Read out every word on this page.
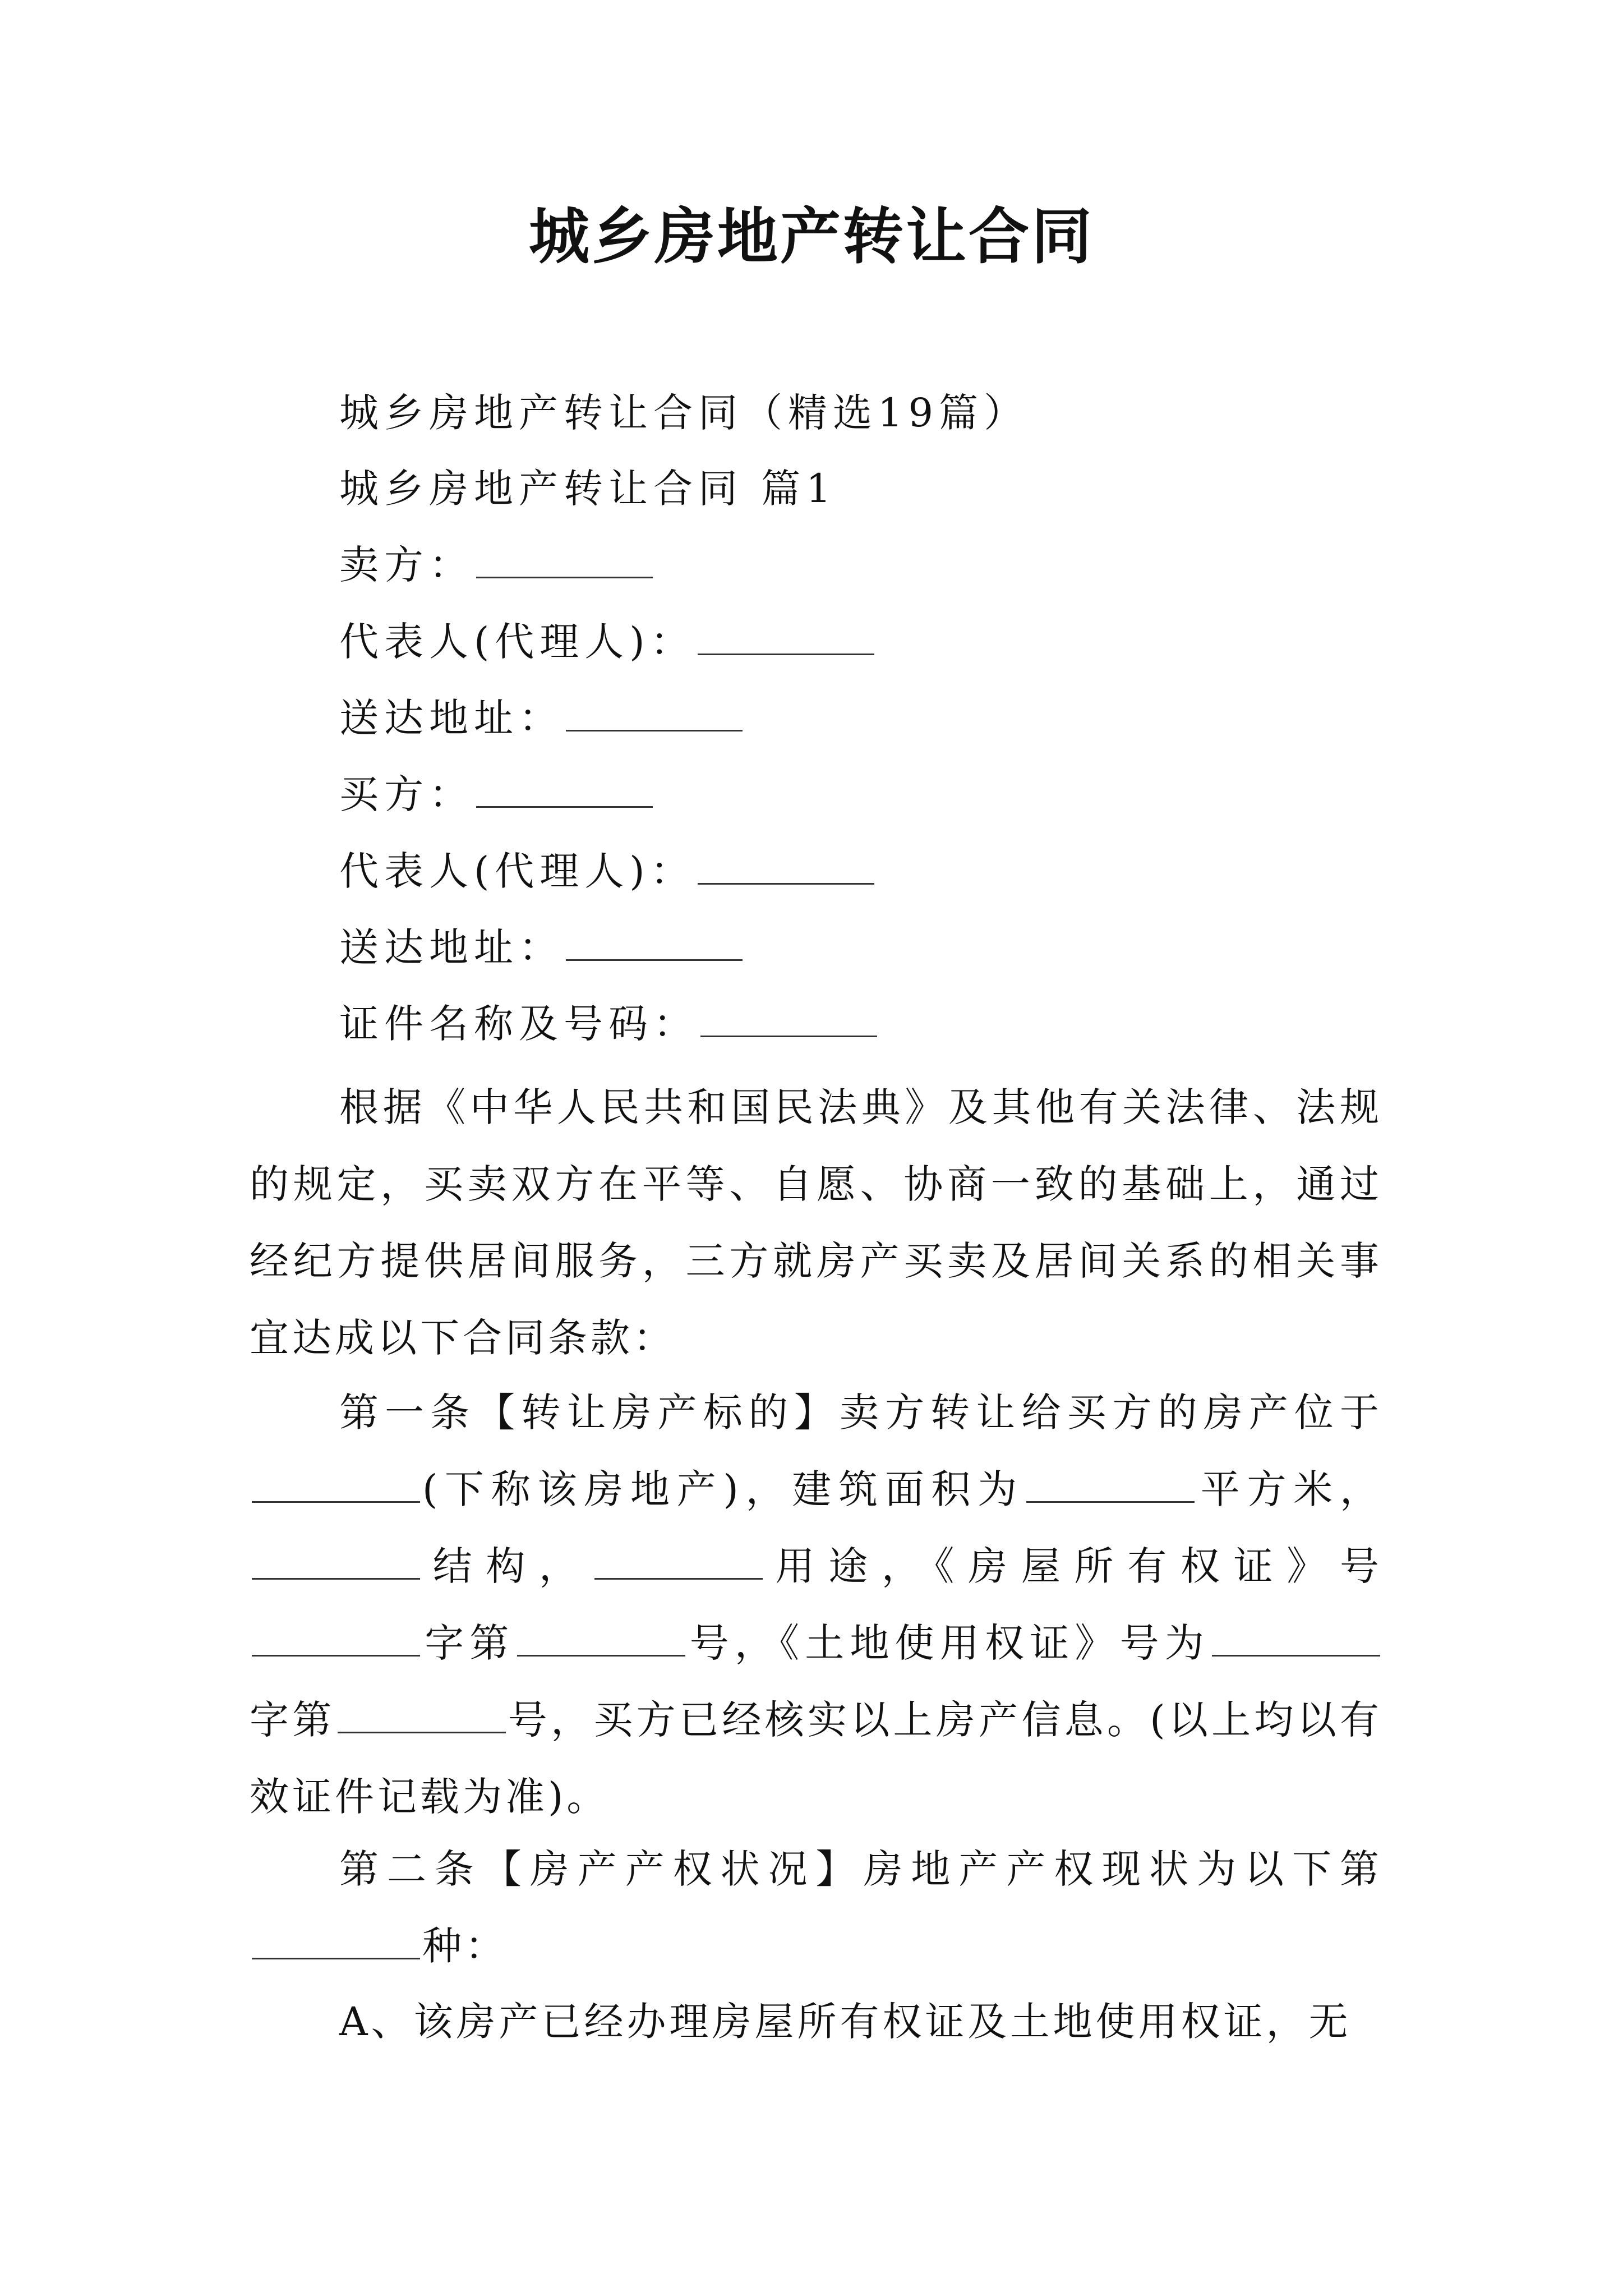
城乡房地产转让合同
城乡房地产转让合同（精选19篇）
城乡房地产转让合同 篇1
卖方：
代表人(代理人)：
送达地址：
买方：
代表人(代理人)：
送达地址：
证件名称及号码：
根据《中华人民共和国民法典》及其他有关法律、法规的规定，买卖双方在平等、自愿、协商一致的基础上，通过经纪方提供居间服务，三方就房产买卖及居间关系的相关事宜达成以下合同条款：
第一条【转让房产标的】卖方转让给买方的房产位于(下称该房地产)，建筑面积为	平方米，结构，	用途，《房屋所有权证》号字第	号，《土地使用权证》号为字第	号，买方已经核实以上房产信息。(以上均以有效证件记载为准)。
第二条【房产产权状况】房地产产权现状为以下第种：
A、该房产已经办理房屋所有权证及土地使用权证，无
